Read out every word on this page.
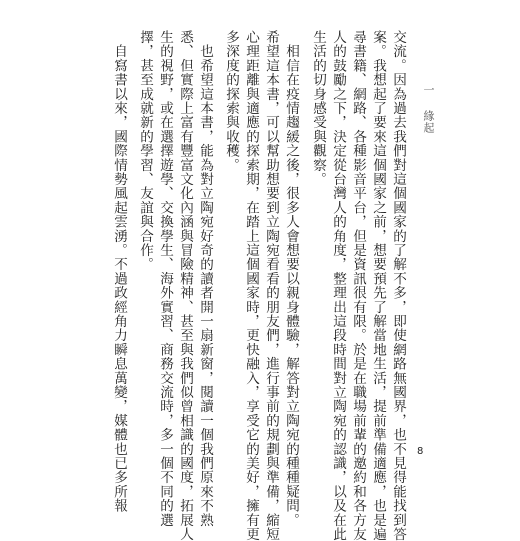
一 緣起
交流。因為過去我們對這個國家的了解不多，即使網路無國界，也不見得能找到答
案。我想起了要來這個國家之前，想要預先了解當地生活，提前準備適應，也是遍
尋書籍、網路、各種影音平台，但是資訊很有限。於是在職場前輩的邀約和各方友
人的鼓勵之下，決定從台灣人的角度，整理出這段時間對立陶宛的認識，以及在此
生活的切身感受與觀察。
　相信在疫情趨緩之後，很多人會想要以親身體驗，解答對立陶宛的種種疑問。
希望這本書，可以幫助想要到立陶宛看看的朋友們，進行事前的規劃與準備，縮短
心理距離與適應的探索期，在踏上這個國家時，更快融入，享受它的美好，擁有更
多深度的探索與收穫。
　也希望這本書，能為對立陶宛好奇的讀者開一扇新窗，閱讀一個我們原來不熟
悉、但實際上富有豐富文化內涵與冒險精神、甚至與我們似曾相識的國度，拓展人
生的視野，或在選擇遊學、交換學生、海外實習、商務交流時，多一個不同的選
擇，甚至成就新的學習、友誼與合作。
　自寫書以來，國際情勢風起雲湧。不過政經角力瞬息萬變，媒體也已多所報	8
